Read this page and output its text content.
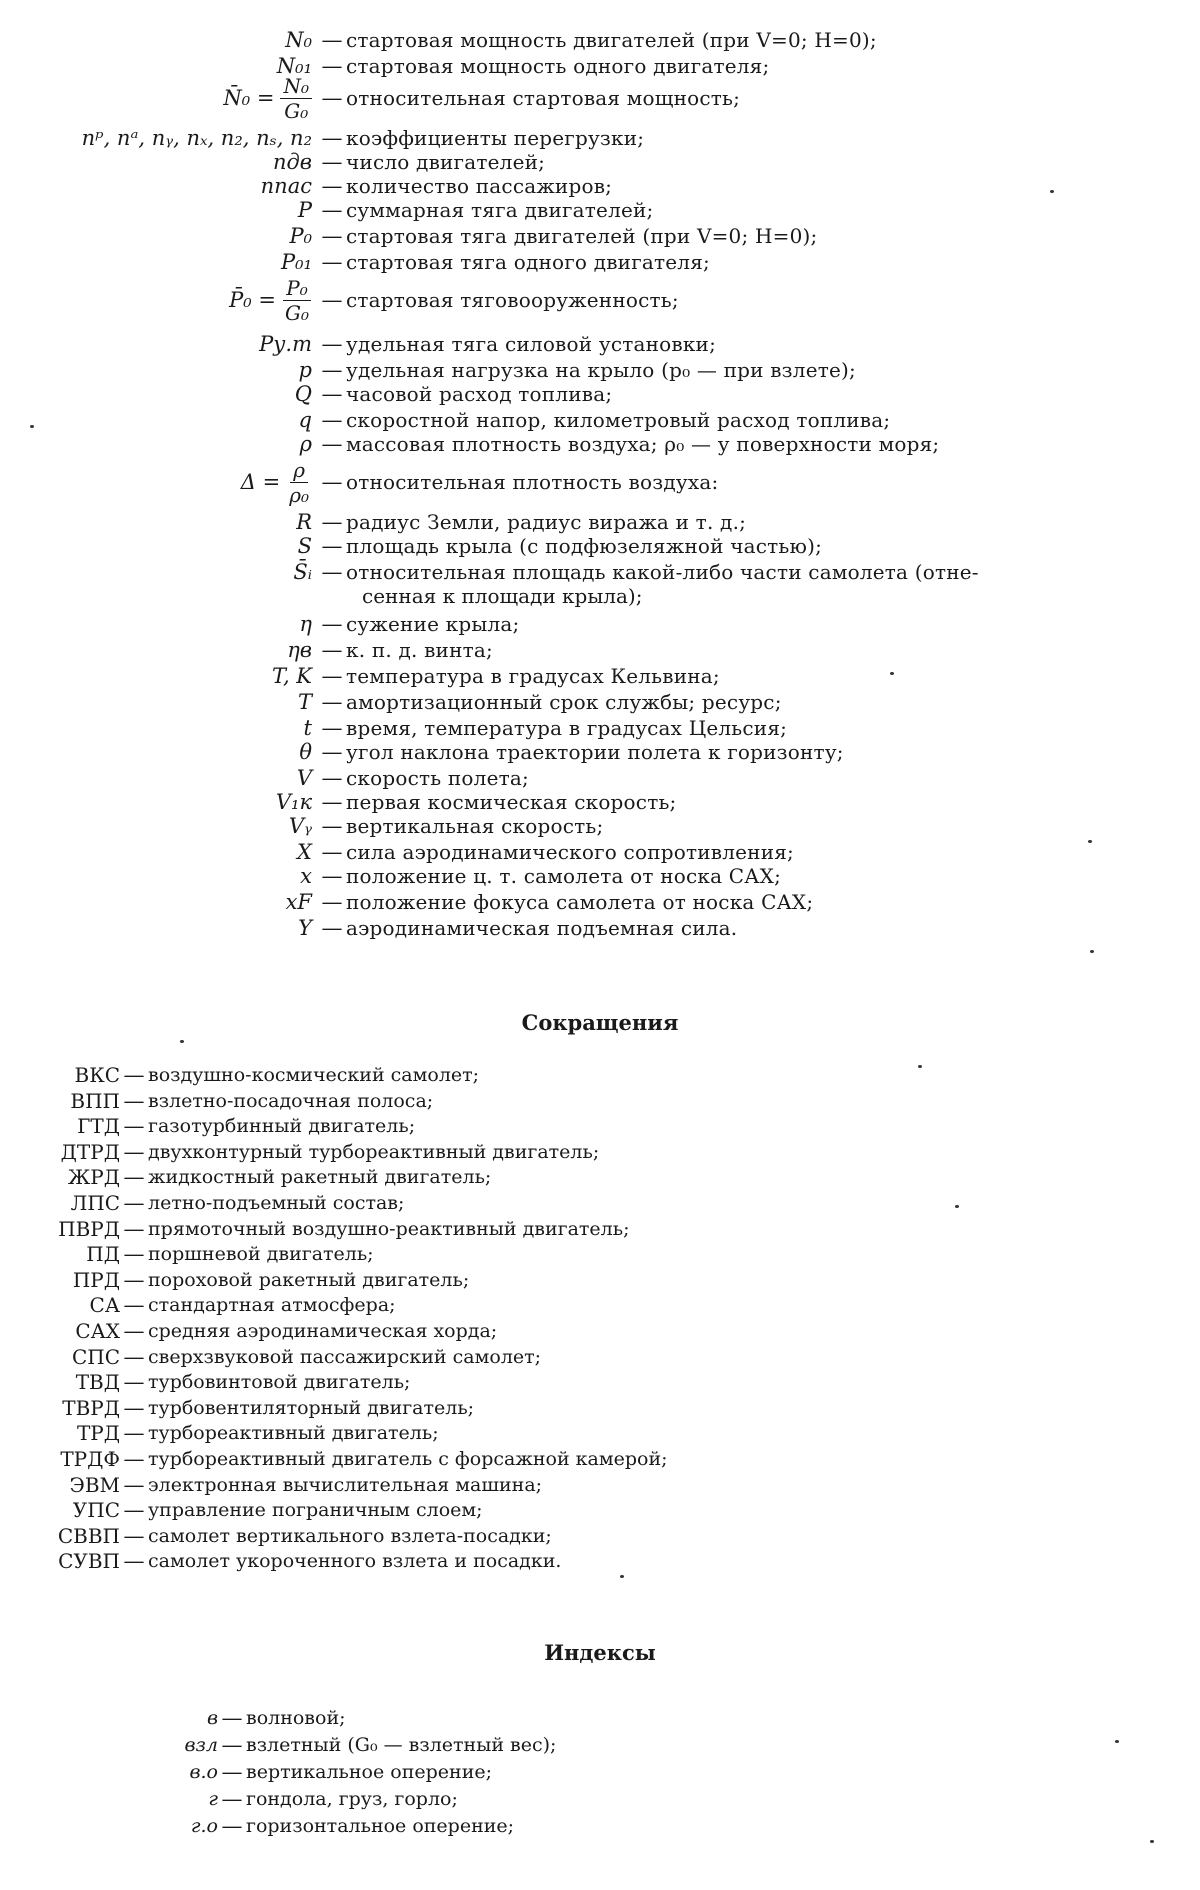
N₀ — стартовая мощность двигателей (при V=0; H=0);
N₀₁ — стартовая мощность одного двигателя;
N̄₀ = $\frac{\text{N₀}}{\text{G₀}}$ — относительная стартовая мощность;
nᵖ, nᵃ, nᵧ, nₓ, n₂, nₛ, n₂ — коэффициенты перегрузки;
nдв — число двигателей;
nпас — количество пассажиров;
P — суммарная тяга двигателей;
P₀ — стартовая тяга двигателей (при V=0; H=0);
P₀₁ — стартовая тяга одного двигателя;
P̄₀ = $\frac{\text{P₀}}{\text{G₀}}$ — стартовая тяговооруженность;
Pу.т — удельная тяга силовой установки;
p — удельная нагрузка на крыло (p₀ — при взлете);
Q — часовой расход топлива;
q — скоростной напор, километровый расход топлива;
ρ — массовая плотность воздуха; ρ₀ — у поверхности моря;
$\Delta = \frac{\rho}{\text{ρ₀}}$ — относительная плотность воздуха:
R — радиус Земли, радиус виража и т. д.;
S — площадь крыла (с подфюзеляжной частью);
S̄ᵢ — относительная площадь какой-либо части самолета (отне-
сенная к площади крыла);
η — сужение крыла;
ηв — к. п. д. винта;
T, K — температура в градусах Кельвина;
T — амортизационный срок службы; ресурс;
t — время, температура в градусах Цельсия;
θ — угол наклона траектории полета к горизонту;
V — скорость полета;
V₁к — первая космическая скорость;
Vᵧ — вертикальная скорость;
X — сила аэродинамического сопротивления;
x — положение ц. т. самолета от носка САХ;
xF — положение фокуса самолета от носка САХ;
Y — аэродинамическая подъемная сила.
Сокращения
ВКС — воздушно-космический самолет;
ВПП — взлетно-посадочная полоса;
ГТД — газотурбинный двигатель;
ДТРД — двухконтурный турбореактивный двигатель;
ЖРД — жидкостный ракетный двигатель;
ЛПС — летно-подъемный состав;
ПВРД — прямоточный воздушно-реактивный двигатель;
ПД — поршневой двигатель;
ПРД — пороховой ракетный двигатель;
СА — стандартная атмосфера;
САХ — средняя аэродинамическая хорда;
СПС — сверхзвуковой пассажирский самолет;
ТВД — турбовинтовой двигатель;
ТВРД — турбовентиляторный двигатель;
ТРД — турбореактивный двигатель;
ТРДФ — турбореактивный двигатель с форсажной камерой;
ЭВМ — электронная вычислительная машина;
УПС — управление пограничным слоем;
СВВП — самолет вертикального взлета-посадки;
СУВП — самолет укороченного взлета и посадки.
Индексы
в — волновой;
взл — взлетный (G₀ — взлетный вес);
в.о — вертикальное оперение;
г — гондола, груз, горло;
г.о — горизонтальное оперение;
